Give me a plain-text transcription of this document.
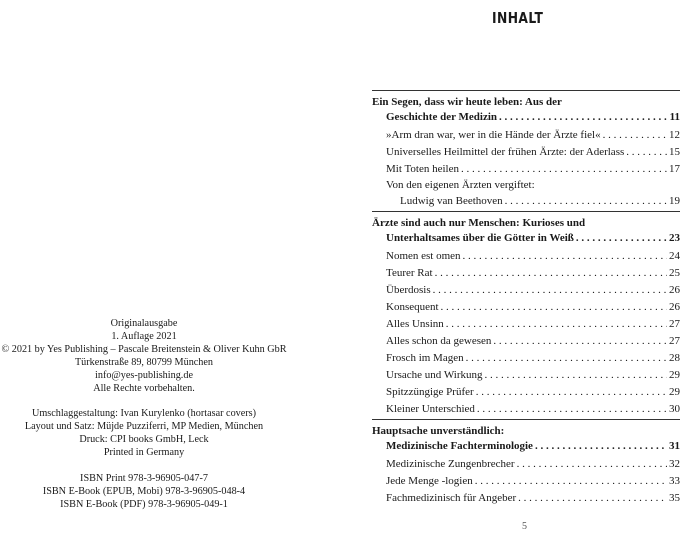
Originalausgabe
1. Auflage 2021
© 2021 by Yes Publishing – Pascale Breitenstein & Oliver Kuhn GbR
Türkenstraße 89, 80799 München
info@yes-publishing.de
Alle Rechte vorbehalten.
Umschlaggestaltung: Ivan Kurylenko (hortasar covers)
Layout und Satz: Müjde Puzziferri, MP Medien, München
Druck: CPI books GmbH, Leck
Printed in Germany
ISBN Print 978-3-96905-047-7
ISBN E-Book (EPUB, Mobi) 978-3-96905-048-4
ISBN E-Book (PDF) 978-3-96905-049-1
INHALT
Ein Segen, dass wir heute leben: Aus der
Geschichte der Medizin . . .	11
»Arm dran war, wer in die Hände der Ärzte fiel« . . .	12
Universelles Heilmittel der frühen Ärzte: der Aderlass . . .	15
Mit Toten heilen . . .	17
Von den eigenen Ärzten vergiftet:
Ludwig van Beethoven . . .	19
Ärzte sind auch nur Menschen: Kurioses und
Unterhaltsames über die Götter in Weiß . . .	23
Nomen est omen . . .	24
Teurer Rat . . .	25
Überdosis . . .	26
Konsequent . . .	26
Alles Unsinn . . .	27
Alles schon da gewesen . . .	27
Frosch im Magen . . .	28
Ursache und Wirkung . . .	29
Spitzzüngige Prüfer . . .	29
Kleiner Unterschied . . .	30
Hauptsache unverständlich:
Medizinische Fachterminologie . . .	31
Medizinische Zungenbrecher . . .	32
Jede Menge -logien . . .	33
Fachmedizinisch für Angeber . . .	35
5
